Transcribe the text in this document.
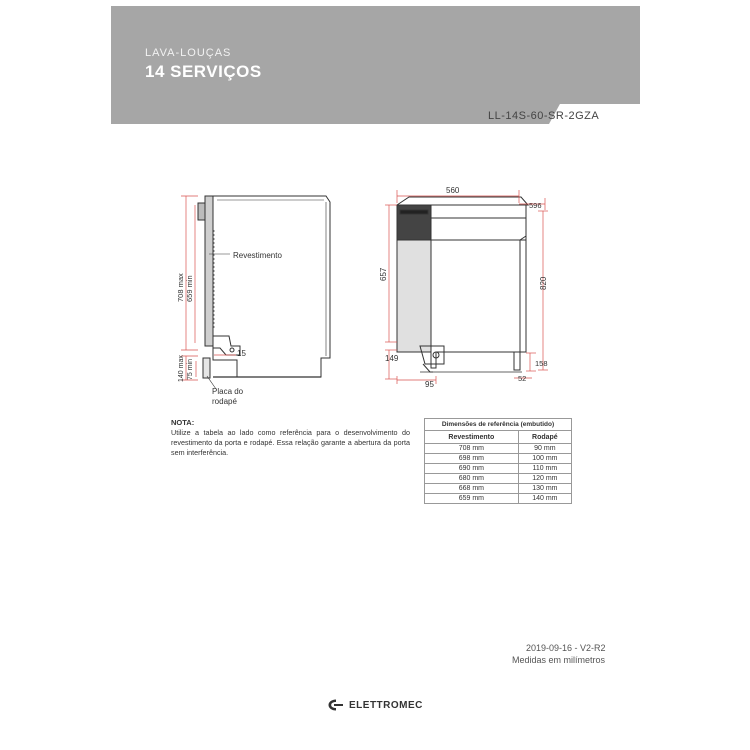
LAVA-LOUÇAS
14 SERVIÇOS
LL-14S-60-SR-2GZA
Revestimento
15
Placa do
rodapé
708 max 659 min
140 max 75 min
560
596
657
820
149
158
95
52
NOTA:
Utilize a tabela ao lado como referência para o desenvolvimento do revestimento da porta e rodapé. Essa relação garante a abertura da porta sem interferência.
Dimensões de referência (embutido)	
Revestimento	Rodapé
708 mm	90 mm
698 mm	100 mm
690 mm	110 mm
680 mm	120 mm
668 mm	130 mm
659 mm	140 mm
2019-09-16 - V2-R2
Medidas em milímetros
ELETTROMEC
